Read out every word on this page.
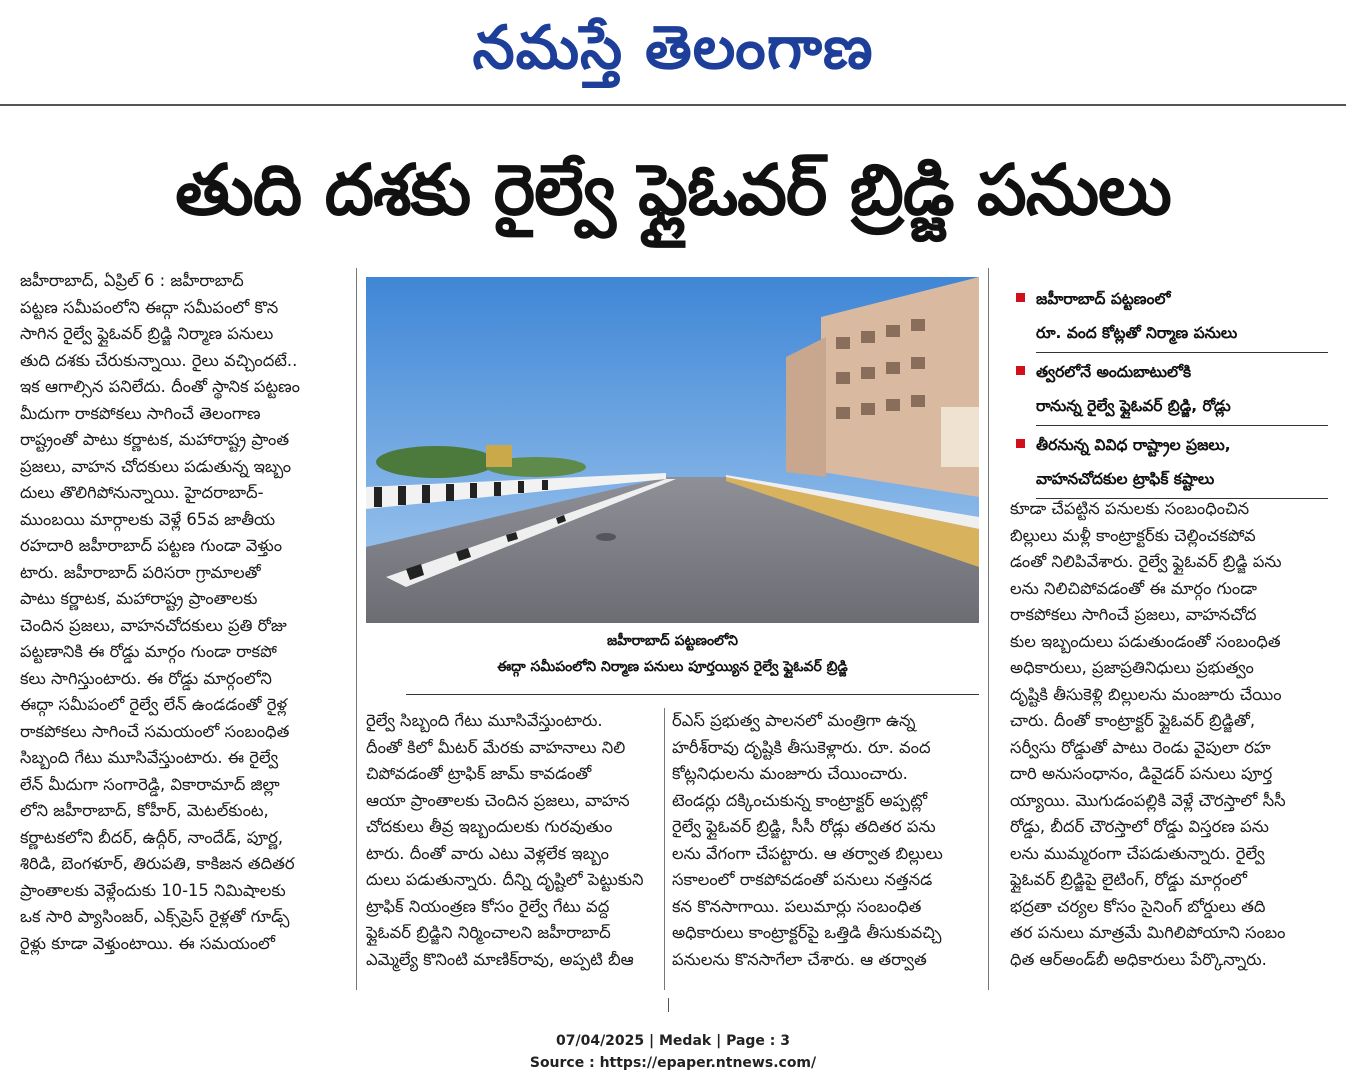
నమస్తే తెలంగాణ
తుది దశకు రైల్వే ఫ్లైఓవర్ బ్రిడ్జి పనులు
జహీరాబాద్, ఏప్రిల్ 6 : జహీరాబాద్
పట్టణ సమీపంలోని ఈద్గా సమీపంలో కొన
సాగిన రైల్వే ఫ్లైఓవర్ బ్రిడ్జి నిర్మాణ పనులు
తుది దశకు చేరుకున్నాయి. రైలు వచ్చిందటే..
ఇక ఆగాల్సిన పనిలేదు. దీంతో స్థానిక పట్టణం
మీదుగా రాకపోకలు సాగించే తెలంగాణ
రాష్ట్రంతో పాటు కర్ణాటక, మహారాష్ట్ర ప్రాంత
ప్రజలు, వాహన చోదకులు పడుతున్న ఇబ్బం
దులు తొలిగిపోనున్నాయి. హైదరాబాద్-
ముంబయి మార్గాలకు వెళ్లే 65వ జాతీయ
రహదారి జహీరాబాద్ పట్టణ గుండా వెళ్తుం
టారు. జహీరాబాద్ పరిసరా గ్రామాలతో
పాటు కర్ణాటక, మహారాష్ట్ర ప్రాంతాలకు
చెందిన ప్రజలు, వాహనచోదకులు ప్రతి రోజు
పట్టణానికి ఈ రోడ్డు మార్గం గుండా రాకపో
కలు సాగిస్తుంటారు. ఈ రోడ్డు మార్గంలోని
ఈద్గా సమీపంలో రైల్వే లేన్ ఉండడంతో రైళ్ల
రాకపోకలు సాగించే సమయంలో సంబంధిత
సిబ్బంది గేటు మూసివేస్తుంటారు. ఈ రైల్వే
లేన్ మీదుగా సంగారెడ్డి, వికారామాద్ జిల్లా
లోని జహీరాబాద్, కోహీర్, మెటల్‌కుంట,
కర్ణాటకలోని బీదర్, ఉద్గీర్, నాందేడ్, పూర్ణ,
శిరిడి, బెంగళూర్, తిరుపతి, కాకిజన తదితర
ప్రాంతాలకు వెళ్లేందుకు 10-15 నిమిషాలకు
ఒక సారి ప్యాసింజర్, ఎక్స్‌ప్రెస్ రైళ్లతో గూడ్స్
రైళ్లు కూడా వెళ్తుంటాయి. ఈ సమయంలో
జహీరాబాద్ పట్టణంలోని
ఈద్గా సమీపంలోని నిర్మాణ పనులు పూర్తయ్యిన రైల్వే ఫ్లైఓవర్ బ్రిడ్జి
రైల్వే సిబ్బంది గేటు మూసివేస్తుంటారు.
దీంతో కిలో మీటర్ మేరకు వాహనాలు నిలి
చిపోవడంతో ట్రాఫిక్ జామ్ కావడంతో
ఆయా ప్రాంతాలకు చెందిన ప్రజలు, వాహన
చోదకులు తీవ్ర ఇబ్బందులకు గురవుతుం
టారు. దీంతో వారు ఎటు వెళ్లలేక ఇబ్బం
దులు పడుతున్నారు. దీన్ని దృష్టిలో పెట్టుకుని
ట్రాఫిక్ నియంత్రణ కోసం రైల్వే గేటు వద్ద
ఫ్లైఓవర్ బ్రిడ్జిని నిర్మించాలని జహీరాబాద్
ఎమ్మెల్యే కొనింటి మాణిక్‌రావు, అప్పటి బీఆ
ర్‌ఎస్ ప్రభుత్వ పాలనలో మంత్రిగా ఉన్న
హరీశ్‌రావు దృష్టికి తీసుకెళ్లారు. రూ. వంద
కోట్లనిధులను మంజూరు చేయించారు.
టెండర్లు దక్కించుకున్న కాంట్రాక్టర్ అప్పట్లో
రైల్వే ఫ్లైఓవర్ బ్రిడ్జి, సీసీ రోడ్లు తదితర పను
లను వేగంగా చేపట్టారు. ఆ తర్వాత బిల్లులు
సకాలంలో రాకపోవడంతో పనులు నత్తనడ
కన కొనసాగాయి. పలుమార్లు సంబంధిత
అధికారులు కాంట్రాక్టర్‌పై ఒత్తిడి తీసుకువచ్చి
పనులను కొనసాగేలా చేశారు. ఆ తర్వాత
జహీరాబాద్ పట్టణంలో
రూ. వంద కోట్లతో నిర్మాణ పనులు
త్వరలోనే అందుబాటులోకి
రానున్న రైల్వే ఫ్లైఓవర్ బ్రిడ్జి, రోడ్లు
తీరనున్న వివిధ రాష్ట్రాల ప్రజలు,
వాహనచోదకుల ట్రాఫిక్ కష్టాలు
కూడా చేపట్టిన పనులకు సంబంధించిన
బిల్లులు మళ్లీ కాంట్రాక్టర్‌కు చెల్లించకపోవ
డంతో నిలిపివేశారు. రైల్వే ఫ్లైఓవర్ బ్రిడ్జి పను
లను నిలిచిపోవడంతో ఈ మార్గం గుండా
రాకపోకలు సాగించే ప్రజలు, వాహనచోద
కుల ఇబ్బందులు పడుతుండంతో సంబంధిత
అధికారులు, ప్రజాప్రతినిధులు ప్రభుత్వం
దృష్టికి తీసుకెళ్లి బిల్లులను మంజూరు చేయిం
చారు. దీంతో కాంట్రాక్టర్ ఫ్లైఓవర్ బ్రిడ్జితో,
సర్వీసు రోడ్డుతో పాటు రెండు వైపులా రహ
దారి అనుసంధానం, డివైడర్ పనులు పూర్త
య్యాయి. మొగుడంపల్లికి వెళ్లే చౌరస్తాలో సీసీ
రోడ్డు, బీదర్ చౌరస్తాలో రోడ్డు విస్తరణ పను
లను ముమ్మరంగా చేపడుతున్నారు. రైల్వే
ఫ్లైఓవర్ బ్రిడ్జిపై లైటింగ్, రోడ్డు మార్గంలో
భద్రతా చర్యల కోసం సైనింగ్ బోర్డులు తది
తర పనులు మాత్రమే మిగిలిపోయాని సంబం
ధిత ఆర్‌అండ్‌బీ అధికారులు పేర్కొన్నారు.
07/04/2025 | Medak | Page : 3
Source : https://epaper.ntnews.com/
